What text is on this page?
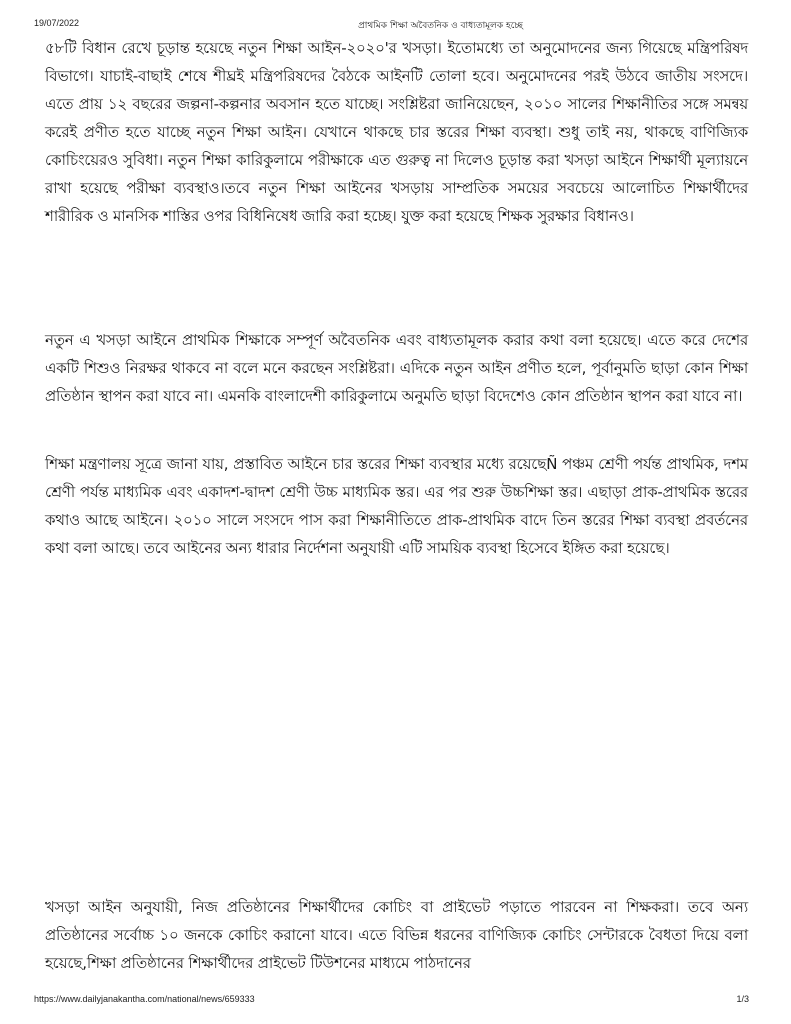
19/07/2022	প্রাথমিক শিক্ষা অবৈতনিক ও বাধ্যতামূলক হচ্ছে

৫৮টি বিধান রেখে চূড়ান্ত হয়েছে নতুন শিক্ষা আইন-২০২০'র খসড়া। ইতোমধ্যে তা অনুমোদনের জন্য গিয়েছে মন্ত্রিপরিষদ বিভাগে। যাচাই-বাছাই শেষে শীঘ্রই মন্ত্রিপরিষদের বৈঠকে আইনটি তোলা হবে। অনুমোদনের পরই উঠবে জাতীয় সংসদে। এতে প্রায় ১২ বছরের জল্পনা-কল্পনার অবসান হতে যাচ্ছে। সংশ্লিষ্টরা জানিয়েছেন, ২০১০ সালের শিক্ষানীতির সঙ্গে সমন্বয় করেই প্রণীত হতে যাচ্ছে নতুন শিক্ষা আইন। যেখানে থাকছে চার স্তরের শিক্ষা ব্যবস্থা। শুধু তাই নয়, থাকছে বাণিজ্যিক কোচিংয়েরও সুবিধা। নতুন শিক্ষা কারিকুলামে পরীক্ষাকে এত গুরুত্ব না দিলেও চূড়ান্ত করা খসড়া আইনে শিক্ষার্থী মূল্যায়নে রাখা হয়েছে পরীক্ষা ব্যবস্থাও।তবে নতুন শিক্ষা আইনের খসড়ায় সাম্প্রতিক সময়ের সবচেয়ে আলোচিত শিক্ষার্থীদের শারীরিক ও মানসিক শাস্তির ওপর বিধিনিষেধ জারি করা হচ্ছে। যুক্ত করা হয়েছে শিক্ষক সুরক্ষার বিধানও।

নতুন এ খসড়া আইনে প্রাথমিক শিক্ষাকে সম্পূর্ণ অবৈতনিক এবং বাধ্যতামূলক করার কথা বলা হয়েছে। এতে করে দেশের একটি শিশুও নিরক্ষর থাকবে না বলে মনে করছেন সংশ্লিষ্টরা। এদিকে নতুন আইন প্রণীত হলে, পূর্বানুমতি ছাড়া কোন শিক্ষা প্রতিষ্ঠান স্থাপন করা যাবে না। এমনকি বাংলাদেশী কারিকুলামে অনুমতি ছাড়া বিদেশেও কোন প্রতিষ্ঠান স্থাপন করা যাবে না।

শিক্ষা মন্ত্রণালয় সূত্রে জানা যায়, প্রস্তাবিত আইনে চার স্তরের শিক্ষা ব্যবস্থার মধ্যে রয়েছেÑ পঞ্চম শ্রেণী পর্যন্ত প্রাথমিক, দশম শ্রেণী পর্যন্ত মাধ্যমিক এবং একাদশ-দ্বাদশ শ্রেণী উচ্চ মাধ্যমিক স্তর। এর পর শুরু উচ্চশিক্ষা স্তর। এছাড়া প্রাক-প্রাথমিক স্তরের কথাও আছে আইনে। ২০১০ সালে সংসদে পাস করা শিক্ষানীতিতে প্রাক-প্রাথমিক বাদে তিন স্তরের শিক্ষা ব্যবস্থা প্রবর্তনের কথা বলা আছে। তবে আইনের অন্য ধারার নির্দেশনা অনুযায়ী এটি সাময়িক ব্যবস্থা হিসেবে ইঙ্গিত করা হয়েছে।

খসড়া আইন অনুযায়ী, নিজ প্রতিষ্ঠানের শিক্ষার্থীদের কোচিং বা প্রাইভেট পড়াতে পারবেন না শিক্ষকরা। তবে অন্য প্রতিষ্ঠানের সর্বোচ্চ ১০ জনকে কোচিং করানো যাবে। এতে বিভিন্ন ধরনের বাণিজ্যিক কোচিং সেন্টারকে বৈধতা দিয়ে বলা হয়েছে,শিক্ষা প্রতিষ্ঠানের শিক্ষার্থীদের প্রাইভেট টিউশনের মাধ্যমে পাঠদানের

https://www.dailyjanakantha.com/national/news/659333	1/3
